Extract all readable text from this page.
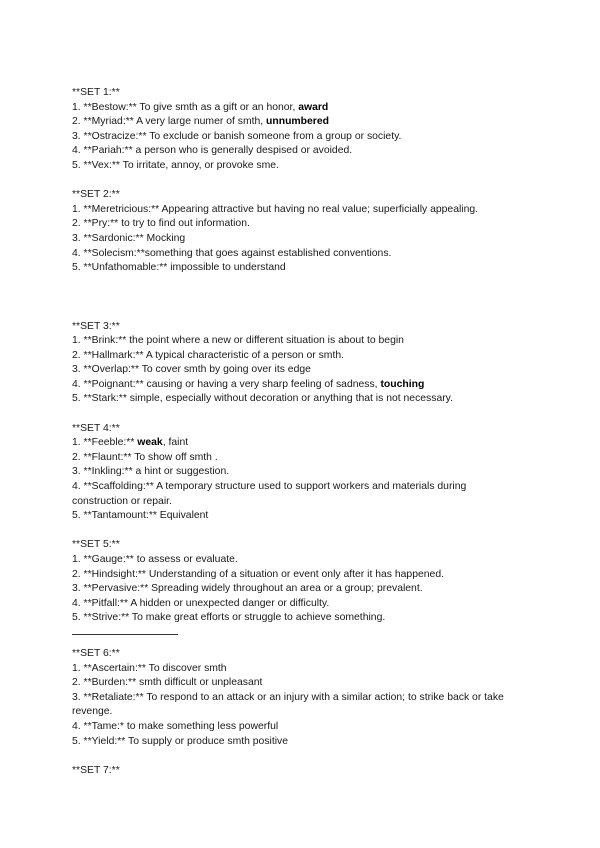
**SET 1:**
1. **Bestow:** To give smth as a gift or an honor, award
2. **Myriad:** A very large numer of smth, unnumbered
3. **Ostracize:** To exclude or banish someone from a group or society.
4. **Pariah:** a person who is generally despised or avoided.
5. **Vex:** To irritate, annoy, or provoke sme.
**SET 2:**
1. **Meretricious:** Appearing attractive but having no real value; superficially appealing.
2. **Pry:** to try to find out information.
3. **Sardonic:** Mocking
4. **Solecism:**something that goes against established conventions.
5. **Unfathomable:** impossible to understand
**SET 3:**
1. **Brink:** the point where a new or different situation is about to begin
2. **Hallmark:** A typical characteristic of a person or smth.
3. **Overlap:** To cover smth by going over its edge
4. **Poignant:** causing or having a very sharp feeling of sadness, touching
5. **Stark:** simple, especially without decoration or anything that is not necessary.
**SET 4:**
1. **Feeble:** weak, faint
2. **Flaunt:** To show off smth .
3. **Inkling:** a hint or suggestion.
4. **Scaffolding:** A temporary structure used to support workers and materials during construction or repair.
5. **Tantamount:** Equivalent
**SET 5:**
1. **Gauge:** to assess or evaluate.
2. **Hindsight:** Understanding of a situation or event only after it has happened.
3. **Pervasive:** Spreading widely throughout an area or a group; prevalent.
4. **Pitfall:** A hidden or unexpected danger or difficulty.
5. **Strive:** To make great efforts or struggle to achieve something.
**SET 6:**
1. **Ascertain:** To discover smth
2. **Burden:** smth difficult or unpleasant
3. **Retaliate:** To respond to an attack or an injury with a similar action; to strike back or take revenge.
4. **Tame:* to make something less powerful
5. **Yield:** To supply or produce smth positive
**SET 7:**
